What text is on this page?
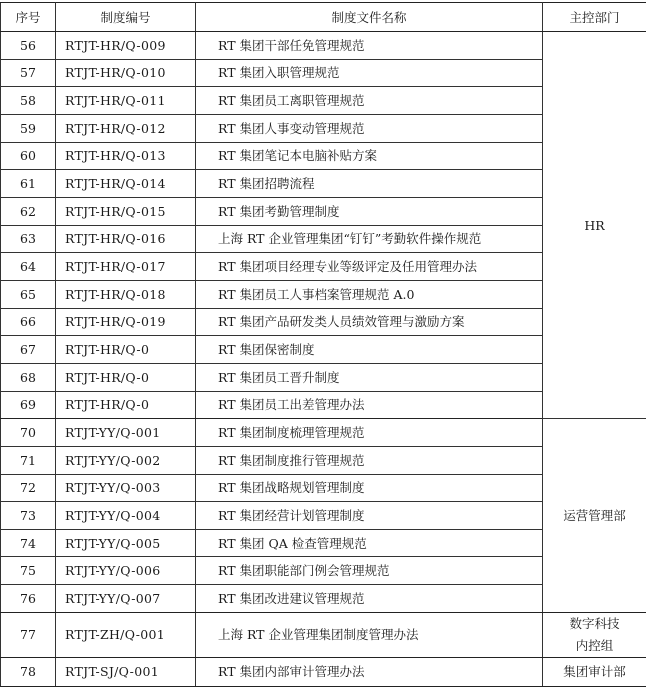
序号	制度编号	制度文件名称	主控部门
56	RTJT-HR/Q-009	RT 集团干部任免管理规范	HR
57	RTJT-HR/Q-010	RT 集团入职管理规范	
58	RTJT-HR/Q-011	RT 集团员工离职管理规范	
59	RTJT-HR/Q-012	RT 集团人事变动管理规范	
60	RTJT-HR/Q-013	RT 集团笔记本电脑补贴方案	
61	RTJT-HR/Q-014	RT 集团招聘流程	
62	RTJT-HR/Q-015	RT 集团考勤管理制度	
63	RTJT-HR/Q-016	上海 RT 企业管理集团“钉钉”考勤软件操作规范	
64	RTJT-HR/Q-017	RT 集团项目经理专业等级评定及任用管理办法	
65	RTJT-HR/Q-018	RT 集团员工人事档案管理规范 A.0	
66	RTJT-HR/Q-019	RT 集团产品研发类人员绩效管理与激励方案	
67	RTJT-HR/Q-0	RT 集团保密制度	
68	RTJT-HR/Q-0	RT 集团员工晋升制度	
69	RTJT-HR/Q-0	RT 集团员工出差管理办法	
70	RTJT-YY/Q-001	RT 集团制度梳理管理规范	运营管理部
71	RTJT-YY/Q-002	RT 集团制度推行管理规范	
72	RTJT-YY/Q-003	RT 集团战略规划管理制度	
73	RTJT-YY/Q-004	RT 集团经营计划管理制度	
74	RTJT-YY/Q-005	RT 集团 QA 检查管理规范	
75	RTJT-YY/Q-006	RT 集团职能部门例会管理规范	
76	RTJT-YY/Q-007	RT 集团改进建议管理规范	
77	RTJT-ZH/Q-001	上海 RT 企业管理集团制度管理办法	数字科技
内控组

78	RTJT-SJ/Q-001	RT 集团内部审计管理办法	集团审计部
